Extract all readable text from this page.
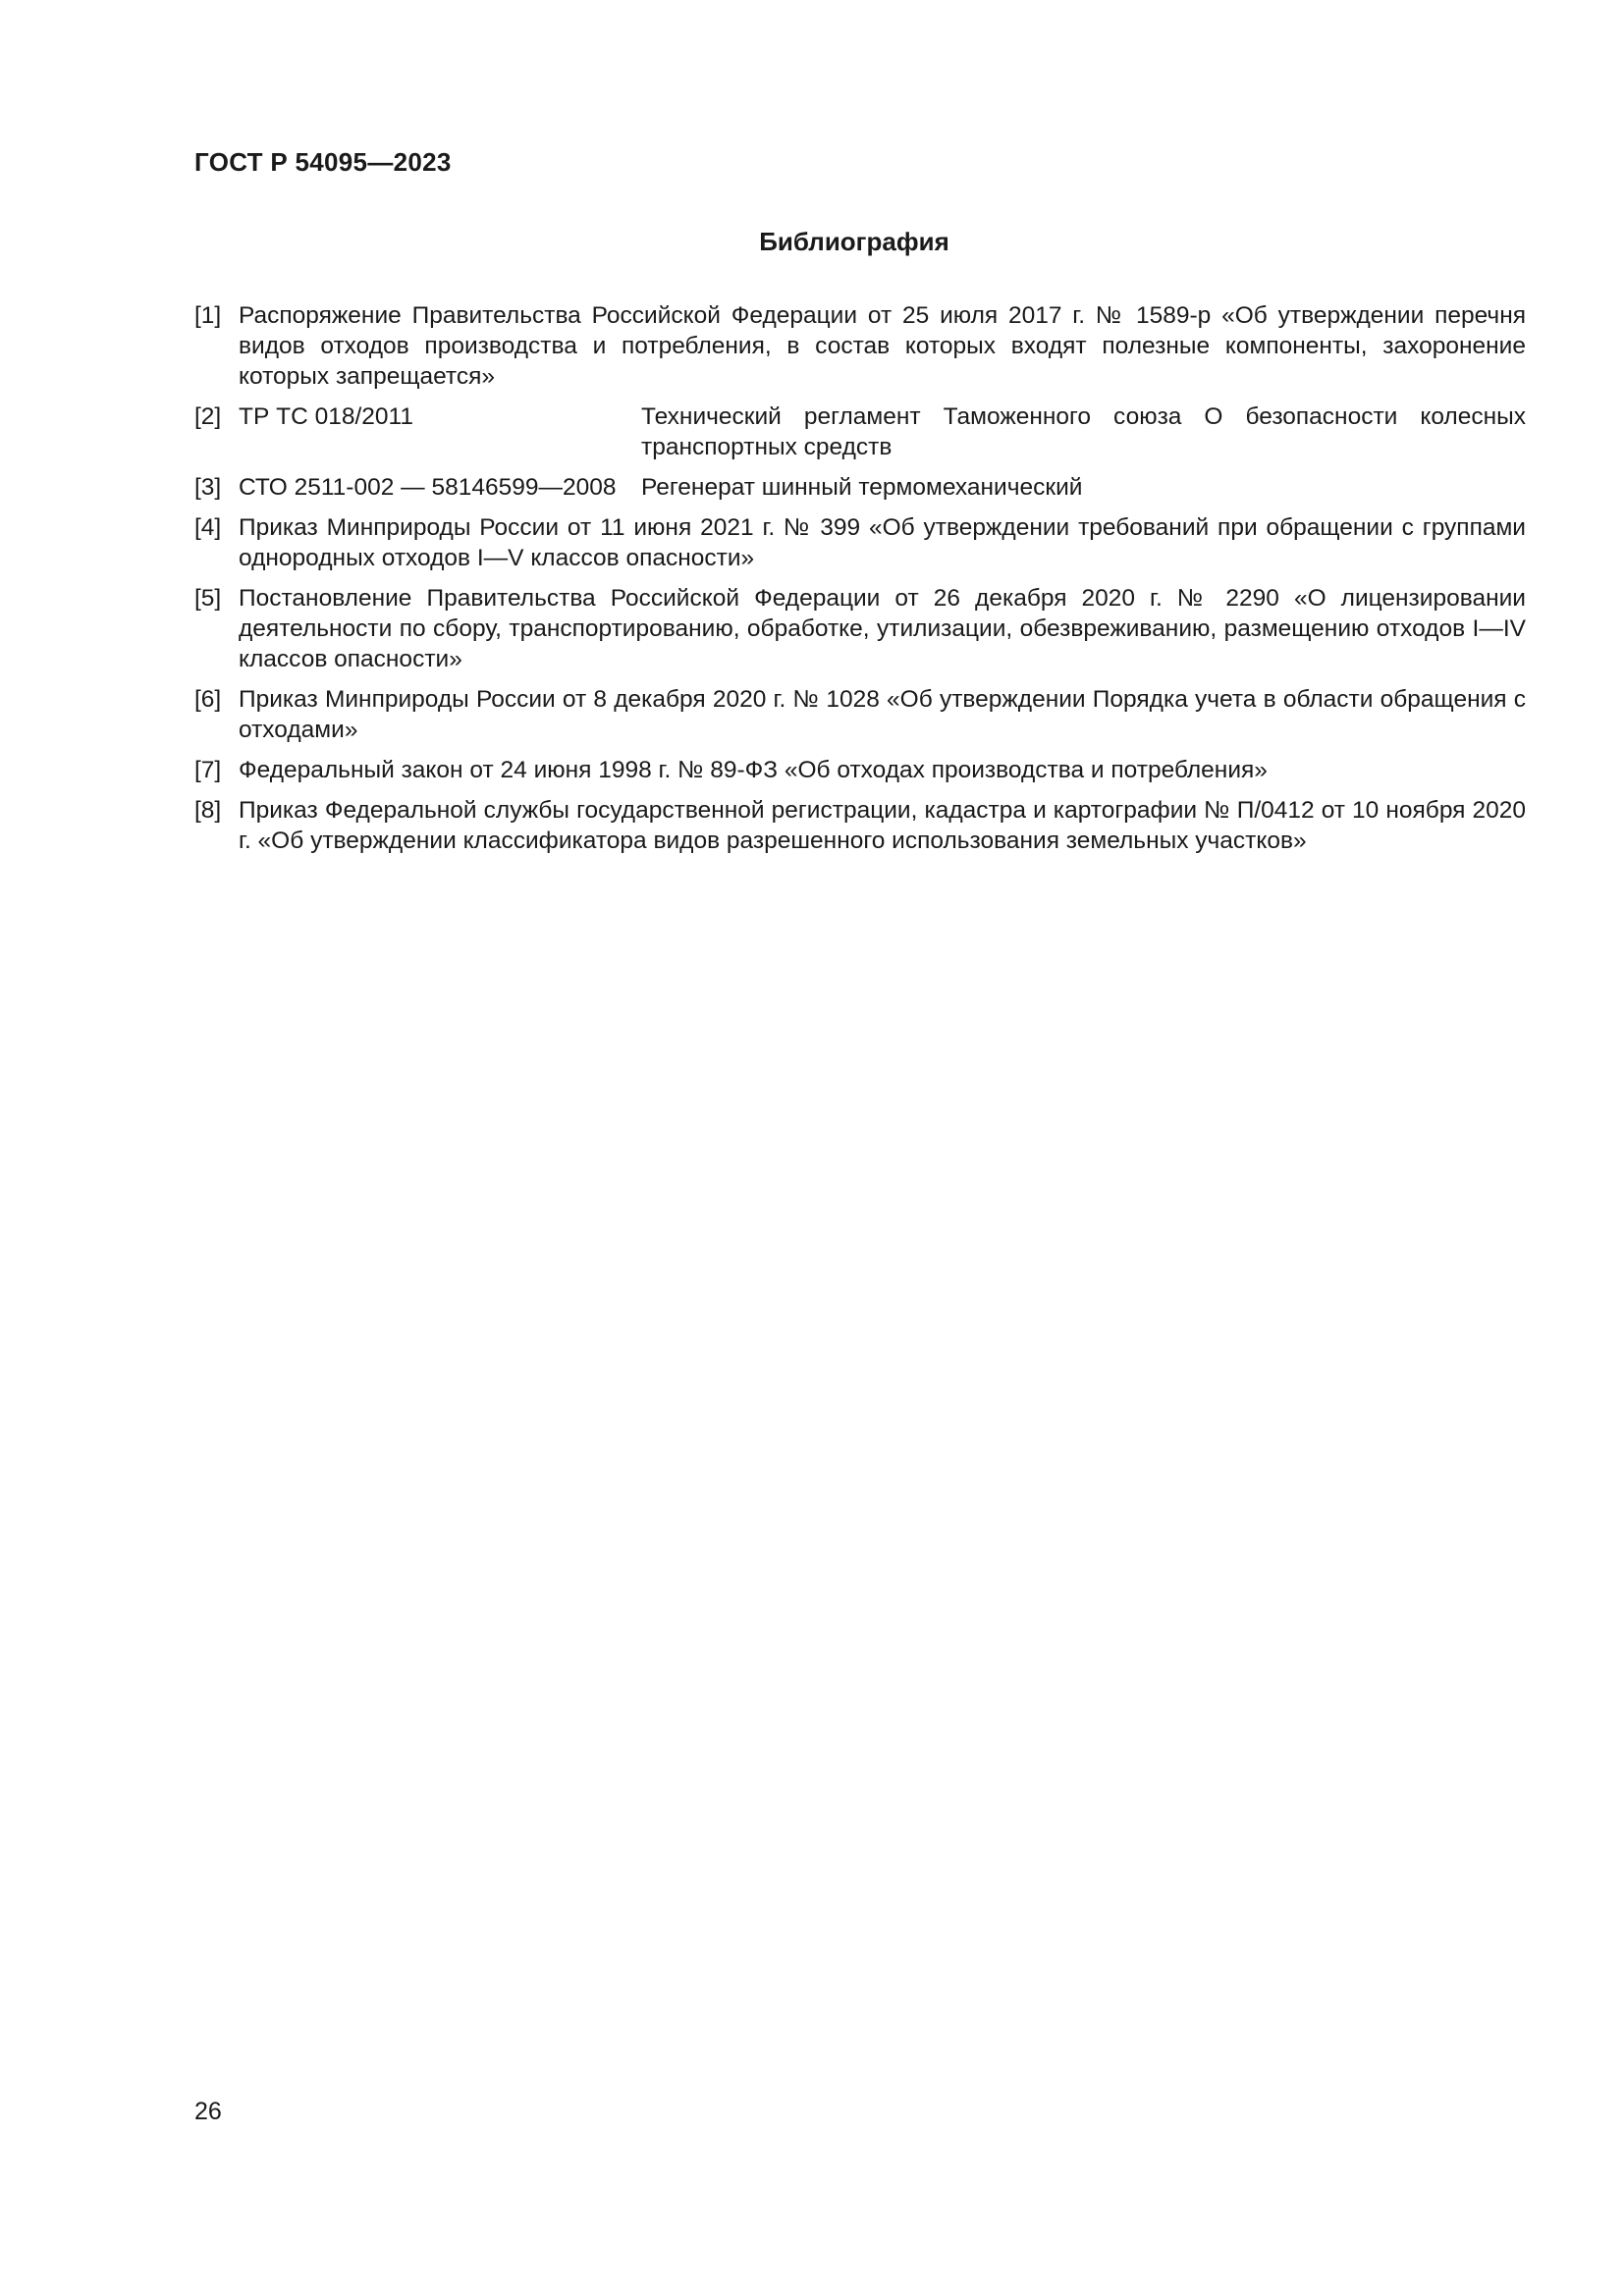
ГОСТ Р 54095—2023
Библиография
[1] Распоряжение Правительства Российской Федерации от 25 июля 2017 г. № 1589-р «Об утверждении перечня видов отходов производства и потребления, в состав которых входят полезные компоненты, захоронение которых запрещается»
[2] ТР ТС 018/2011	Технический регламент Таможенного союза О безопасности колесных транспортных средств
[3] СТО 2511-002 — 58146599—2008	Регенерат шинный термомеханический
[4] Приказ Минприроды России от 11 июня 2021 г. № 399 «Об утверждении требований при обращении с группами однородных отходов I—V классов опасности»
[5] Постановление Правительства Российской Федерации от 26 декабря 2020 г. № 2290 «О лицензировании деятельности по сбору, транспортированию, обработке, утилизации, обезвреживанию, размещению отходов I—IV классов опасности»
[6] Приказ Минприроды России от 8 декабря 2020 г. № 1028 «Об утверждении Порядка учета в области обращения с отходами»
[7] Федеральный закон от 24 июня 1998 г. № 89-ФЗ «Об отходах производства и потребления»
[8] Приказ Федеральной службы государственной регистрации, кадастра и картографии № П/0412 от 10 ноября 2020 г. «Об утверждении классификатора видов разрешенного использования земельных участков»
26
